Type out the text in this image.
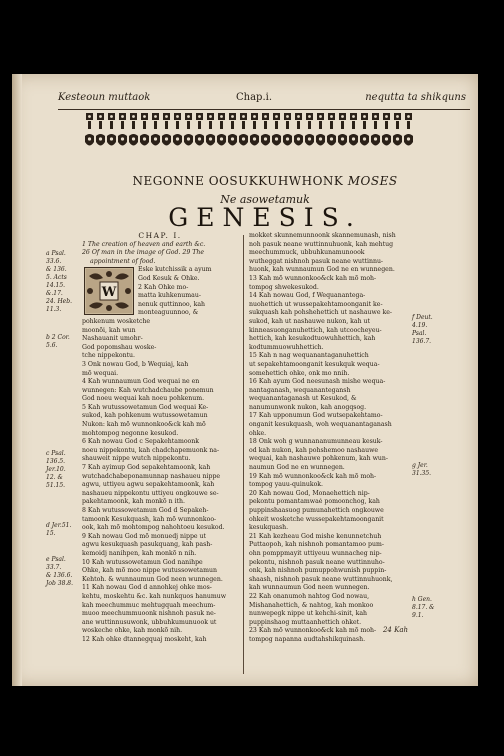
Kesteoun muttaok	Chap.i.	nequtta ta shikquns
NEGONNE OOSUKKUHWHONK MOSES
Ne asowetamuk
GENESIS.

CHAP. I.

1 The creation of heaven and earth &c.

26 Of man in the image of God. 29 The

appointment of food.

Eske kutchissik a ayum

God Kesuk & Ohke.

2 Kah Ohke mo-

matta kuhkenumau-

nenuk quttinnoo, kah

monteaguunnoo, &

pohkenum wosketche

moonõi, kah wun

Nashauanit umohr-

God popomshau woske-

tche nippekontu.

3 Onk nowau God, b Wequiaj, kah

mõ wequai.

4 Kah wunnaumun God wequai ne en

wunnegen: Kah wutchadchaube ponemun

God noeu wequai kah noeu pohkenum.

5 Kah wutussowetamun God wequai Ke-

sukod, kah pohkenum wutussowetamun

Nukon: kah mõ wunnonkoo&ck kah mõ

mohtompog negonne kesukod.

6 Kah nowau God c Sepakehtamoonk

noeu nippekontu, kah chadchapemuonk na-

shauweit nippe wutch nippekontu.

7 Kah ayimup God sepakehtamoonk, kah

wutchadchabeponamunnap nashaueu nippe

agwu, uttiyeu agwu sepakehtamoonk, kah

nashaueu nippekontu uttiyeu ongkouwe se-

pakehtamoonk, kah monkõ n ith.

8 Kah wutussowetamun God d Sepakeh-

tamoonk Kesukquash, kah mõ wunnonkoo-

ook, kah mõ mohtompog nahohtoeu kesukod.

9 Kah nowau God mõ monuedj nippe ut

agwu kesukquash pasukquang, kah pash-

kemoidj nanihpen, kah monkõ n nih.

10 Kah wutussowetamun God nanihpe

Ohke, kah mõ moo nippe wutussowetamun

Kehtoh. & wunnaumun God neen wunnegen.

11 Kah nowau God d annohkej ohke mos-

kehtu, moskehtu &c. kah nunkquos hanumuw

kah meechummuc mehtugquah meechum-

muoo meechummuoonk nishnoh pasuk ne-

ane wuttinnusuwonk, ubbuhkumunuook ut

woskeche ohke, kah monkõ nih.

12 Kah ohke dtannegquaj moskeht, kah

W

mokket skunnemunnoonk skannemunash, nish

noh pasuk neane wuttinnuhuonk, kah mehtug

meechummuck, ubbuhkunamunoook

wutheggat nishnoh pasuk neane wuttinnu-

huonk, kah wunnaumun God ne en wunnegen.

13 Kah mõ wunnonkoo&ck kah mõ moh-

tompog shwekesukod.

14 Kah nowau God, f Wequanantega-

nuohettich ut wussepakehtamoonganit ke-

sukquash kah pohshehettich ut nashauwe ke-

sukod, kah ut nashauwe nukon, kah ut

kinneasuonganuhettich, kah utcoocheyeu-

hettich, kah kesukodtuowuhhettich, kah

kodtummuowuhhettich.

15 Kah n nag wequanantaganuhettich

ut sepakehtamoonganit kesukquk wequa-

somehettich ohke, onk mo nnih.

16 Kah ayum God neesunash mishe wequa-

nantaganash, wequanantegansh

wequanantaganash ut Kesukod, &

nanumunwonk nukon, kah anogqsog.

17 Kah upponumun God wutsepakehtamo-

onganit kesukquash, woh wequanantaganash

ohke.

18 Onk woh g wunnananumunneau kesuk-

od kah nukon, kah pohshemoo nashauwe

wequai, kah nashauwe pohkenum, kah wun-

naumun God ne en wunnegen.

19 Kah mõ wunnonkoo&ck kah mõ moh-

tompog yauu-quinukok.

20 Kah nowau God, Monaehettich nip-

pekontu pomantamwaé pomoonchog, kah

puppinshaasuog pumunahettich ongkouwe

ohkeit wosketche wussepakehtamoonganit

kesukquash.

21 Kah kezheau God mishe kenunnetchuh

Puttaopoh, kah nishnoh pomantamoo pum-

ohn pomppmayit uttiyeuu wunnacheg nip-

pekontu, nishnoh pasuk neane wuttinnuho-

onk, kah nishnoh pumuppohwunish puppin-

shaash, nishnoh pasuk neane wuttinnuhuonk,

kah wunnaumun God neen wunnegen.

22 Kah onanumoh nahtog God nowau,

Mishanahettich, & nahtog, kah monkoo

nunwepegk nippe ut kehchi-sinit, kah

puppinshaog muttaanhettich ohket.

23 Kah mõ wunnonkoo&ck kah mõ moh-

tompog napanna audtahshikquinash.

a Psal.

33.6.

& 136.

5. Acts

14.15.

&.17.

24. Heb.

11.3.

b 2 Cor.

5.6.

c Psal.

136.5.

Jer.10.

12. &

51.15.

d Jer.51.

15.

e Psal.

33.7.

& 136.6.

Job 38.8.

f Deut.

4.19.

Psal.

136.7.

g Jer.

31.35.

h Gen.

8.17. &

9.1.

24 Kah
